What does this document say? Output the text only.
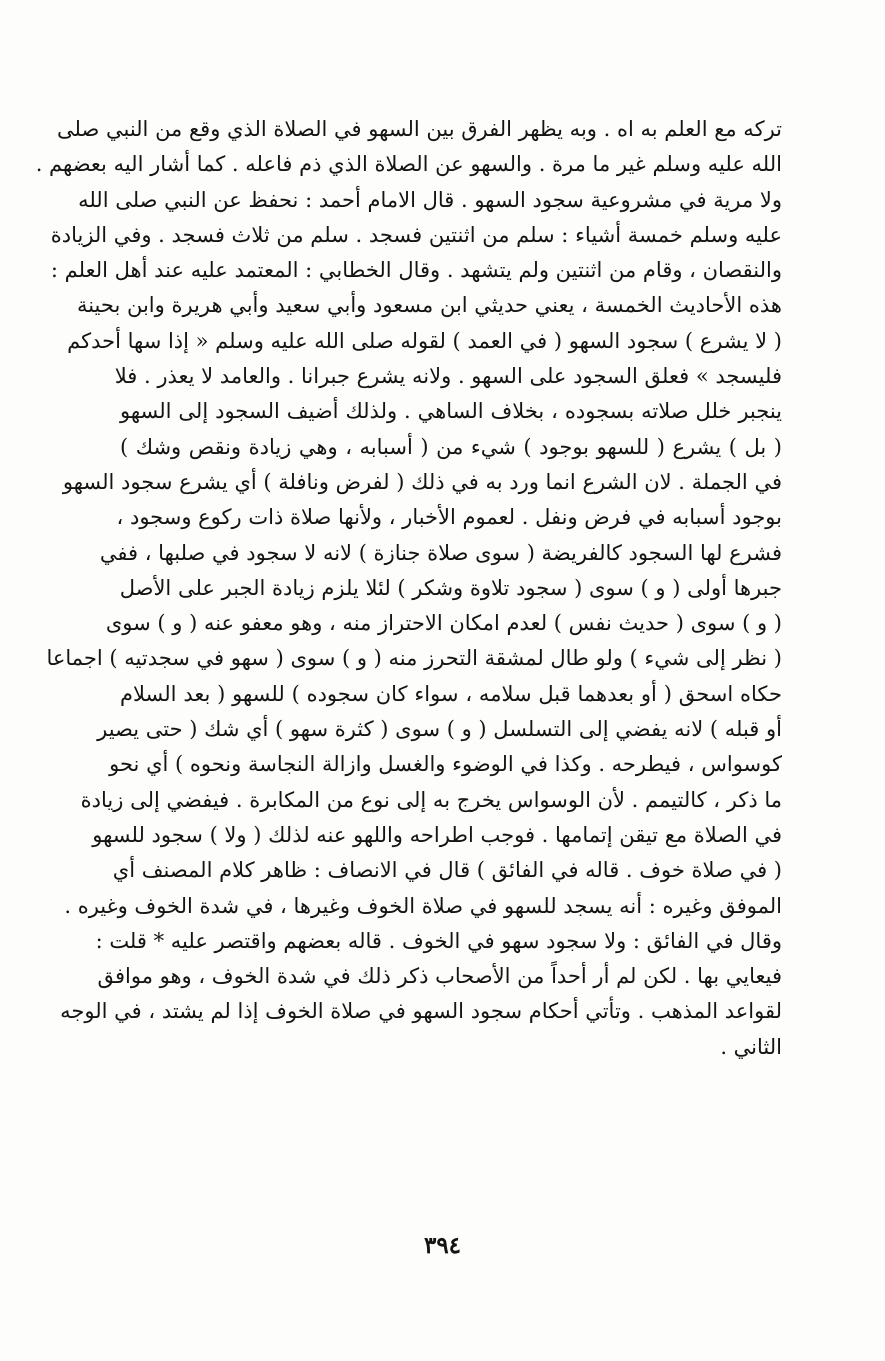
تركه مع العلم به اه . وبه يظهر الفرق بين السهو في الصلاة الذي وقع من النبي صلى
الله عليه وسلم غير ما مرة . والسهو عن الصلاة الذي ذم فاعله . كما أشار اليه بعضهم .
ولا مرية في مشروعية سجود السهو . قال الامام أحمد : نحفظ عن النبي صلى الله
عليه وسلم خمسة أشياء : سلم من اثنتين فسجد . سلم من ثلاث فسجد . وفي الزيادة
والنقصان ، وقام من اثنتين ولم يتشهد . وقال الخطابي : المعتمد عليه عند أهل العلم :
هذه الأحاديث الخمسة ، يعني حديثي ابن مسعود وأبي سعيد وأبي هريرة وابن بحينة
( لا يشرع ) سجود السهو ( في العمد ) لقوله صلى الله عليه وسلم « إذا سها أحدكم
فليسجد » فعلق السجود على السهو . ولانه يشرع جبرانا . والعامد لا يعذر . فلا
ينجبر خلل صلاته بسجوده ، بخلاف الساهي . ولذلك أضيف السجود إلى السهو
( بل ) يشرع ( للسهو بوجود ) شيء من ( أسبابه ، وهي زيادة ونقص وشك )
في الجملة . لان الشرع انما ورد به في ذلك ( لفرض ونافلة ) أي يشرع سجود السهو
بوجود أسبابه في فرض ونفل . لعموم الأخبار ، ولأنها صلاة ذات ركوع وسجود ،
فشرع لها السجود كالفريضة ( سوى صلاة جنازة ) لانه لا سجود في صلبها ، ففي
جبرها أولى ( و ) سوى ( سجود تلاوة وشكر ) لئلا يلزم زيادة الجبر على الأصل
( و ) سوى ( حديث نفس ) لعدم امكان الاحتراز منه ، وهو معفو عنه ( و ) سوى
( نظر إلى شيء ) ولو طال لمشقة التحرز منه ( و ) سوى ( سهو في سجدتيه ) اجماعا
حكاه اسحق ( أو بعدهما قبل سلامه ، سواء كان سجوده ) للسهو ( بعد السلام
أو قبله ) لانه يفضي إلى التسلسل ( و ) سوى ( كثرة سهو ) أي شك ( حتى يصير
كوسواس ، فيطرحه . وكذا في الوضوء والغسل وازالة النجاسة ونحوه ) أي نحو
ما ذكر ، كالتيمم . لأن الوسواس يخرج به إلى نوع من المكابرة . فيفضي إلى زيادة
في الصلاة مع تيقن إتمامها . فوجب اطراحه واللهو عنه لذلك ( ولا ) سجود للسهو
( في صلاة خوف . قاله في الفائق ) قال في الانصاف : ظاهر كلام المصنف أي
الموفق وغيره : أنه يسجد للسهو في صلاة الخوف وغيرها ، في شدة الخوف وغيره .
وقال في الفائق : ولا سجود سهو في الخوف . قاله بعضهم واقتصر عليه * قلت :
فيعايي بها . لكن لم أر أحداً من الأصحاب ذكر ذلك في شدة الخوف ، وهو موافق
لقواعد المذهب . وتأتي أحكام سجود السهو في صلاة الخوف إذا لم يشتد ، في الوجه
الثاني .
٣٩٤
